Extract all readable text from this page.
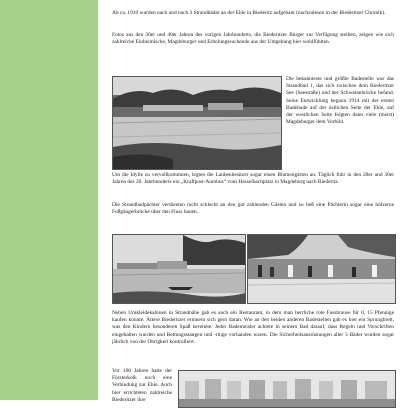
Ab ca. 1910 wurden nach und nach 3 Strandbäder an der Ehle in Biederitz aufgebaut (nachzulesen in der Biederitzer Chronik).

Fotos aus den 30er und 40er Jahren des vorigen Jahrhunderts, die Biederitzer Bürger zur Verfügung stellten, zeigen wie sich zahlreiche Einheimische, Magdeburger und Erholungssuchende aus der Umgebung hier wohlfühlten.

Die bekannteste und größte Badestelle war das Strandbad 1, das sich zwischen dem Biederitzer See (Seestraße) und der Schweinebrücke befand. Seine Entwicklung begann 1914 mit der ersten Badebude auf der östlichen Seite der Ehle, auf der westlichen Seite folgten dann viele (meist) Magdeburger dem Vorbild.

Um die Idylle zu vervollkommnen, legten die Laubenbesitzer sogar einen Blumengarten an. Täglich fuhr in den 20er und 30er Jahren des 20. Jahrhunderts ein „Kraftpost-Autobus“ vom Hasselbachplatz in Magdeburg nach Biederitz.

Die Strandbadpächter verdienten nicht schlecht an den gut zahlenden Gästen und so ließ eine Pächterin sogar eine hölzerne Fußgängerbrücke über den Fluss bauen.

Neben Umkleidekabinen in Strandnähe gab es auch ein Restaurant, in dem man herrliche rote Fassbrause für 0, 15 Pfennige kaufen konnte. Ältere Biederitzer erinnern sich gern daran. Wie an den beiden anderen Badestellen gab es hier ein Sprungbrett, was den Kindern besonderen Spaß bereitete. Jeder Bademeister achtete in seinem Bad darauf, dass Regeln und Vorschriften eingehalten wurden und Rettungsstangen und -ringe vorhanden waren. Die Sicherheitsausrüstungen aller 3 Bäder wurden sogar jährlich von der Obrigkeit kontrolliert.

Vor 100 Jahren hatte der Försterkolk noch eine Verbindung zur Ehle. Auch hier errichteten zahlreiche Biederitzer ihre
